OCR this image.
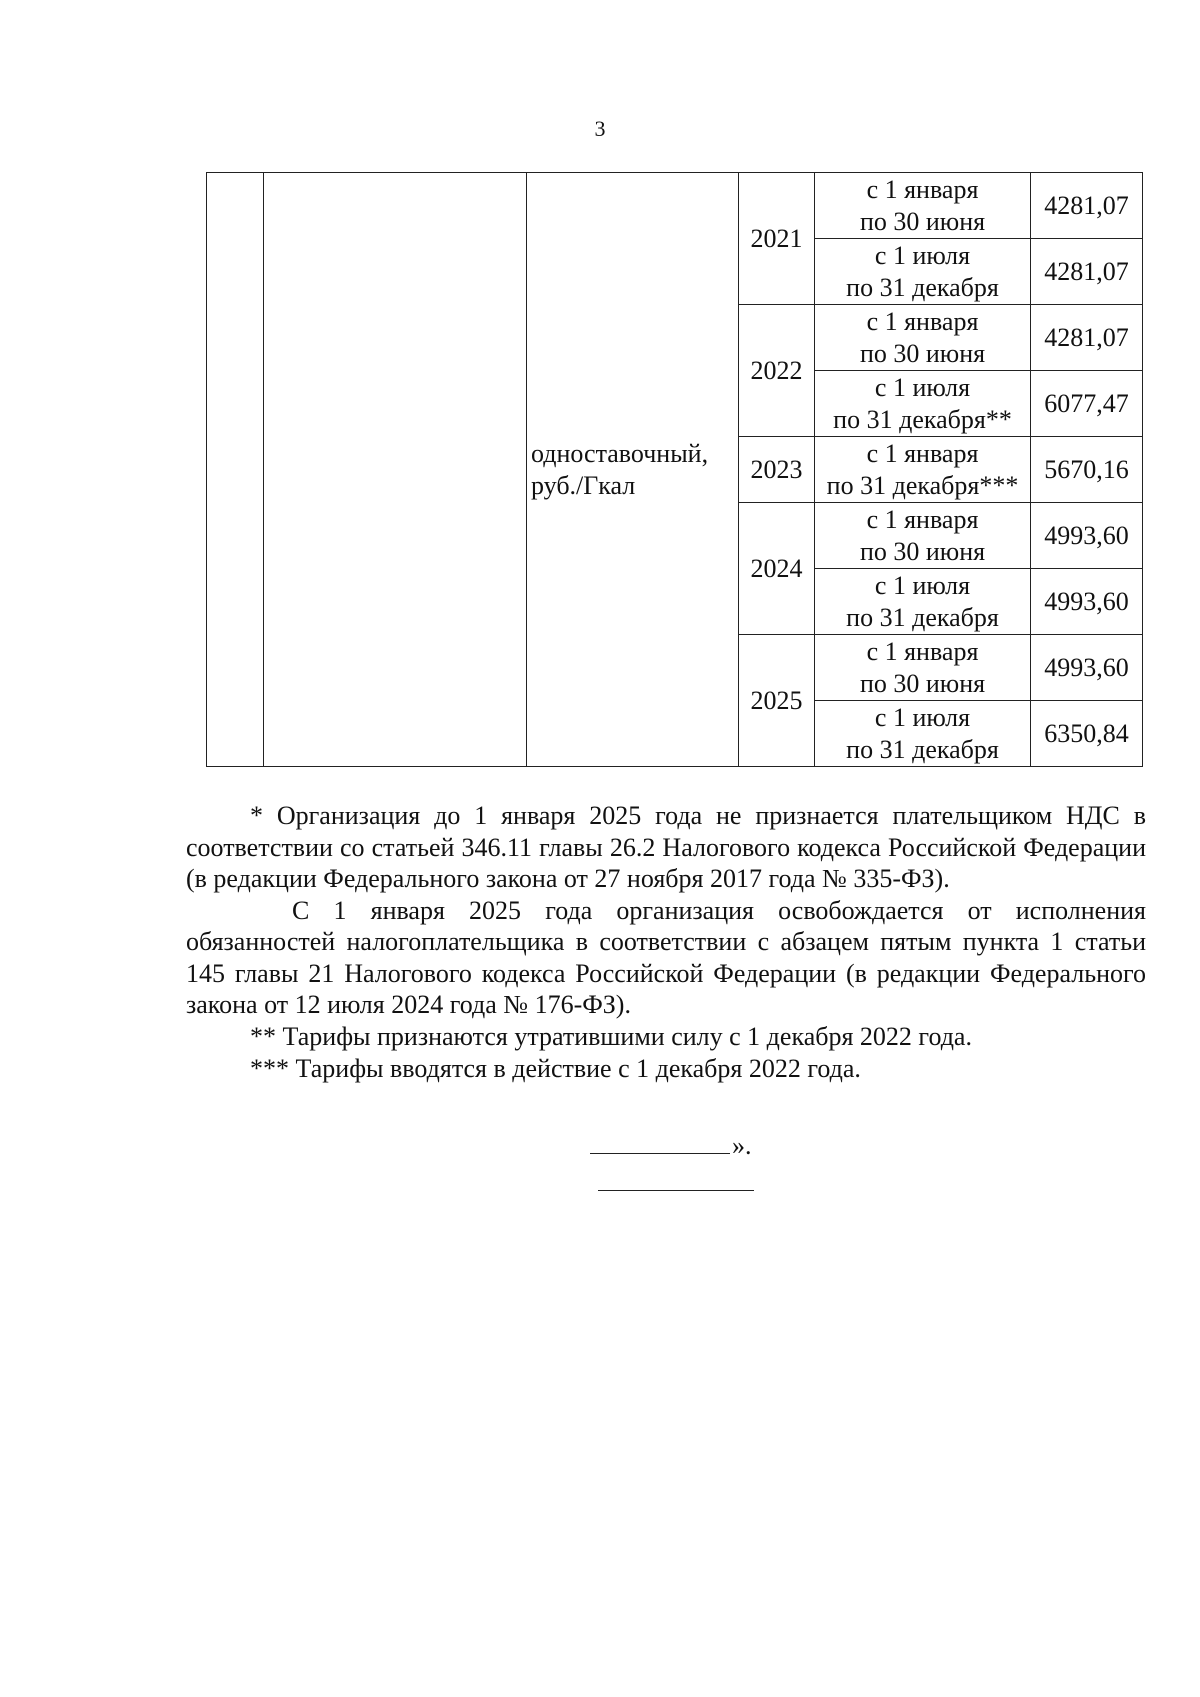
3

		одноставочный,
руб./Гкал	2021	с 1 января
по 30 июня	4281,07

				с 1 июля
по 31 декабря	4281,07
			2022	с 1 января
по 30 июня	4281,07

				с 1 июля
по 31 декабря**	6077,47
			2023	с 1 января
по 31 декабря***	5670,16
			2024	с 1 января
по 30 июня	4993,60

				с 1 июля
по 31 декабря	4993,60
			2025	с 1 января
по 30 июня	4993,60

				с 1 июля
по 31 декабря	6350,84

* Организация до 1 января 2025 года не признается плательщиком НДС в соответствии со статьей 346.11 главы 26.2 Налогового кодекса Российской Федерации (в редакции Федерального закона от 27 ноября 2017 года № 335-ФЗ).

С 1 января 2025 года организация освобождается от исполнения обязанностей налогоплательщика в соответствии с абзацем пятым пункта 1 статьи 145 главы 21 Налогового кодекса Российской Федерации (в редакции Федерального закона от 12 июля 2024 года № 176-ФЗ).

** Тарифы признаются утратившими силу с 1 декабря 2022 года.

*** Тарифы вводятся в действие с 1 декабря 2022 года.

».
